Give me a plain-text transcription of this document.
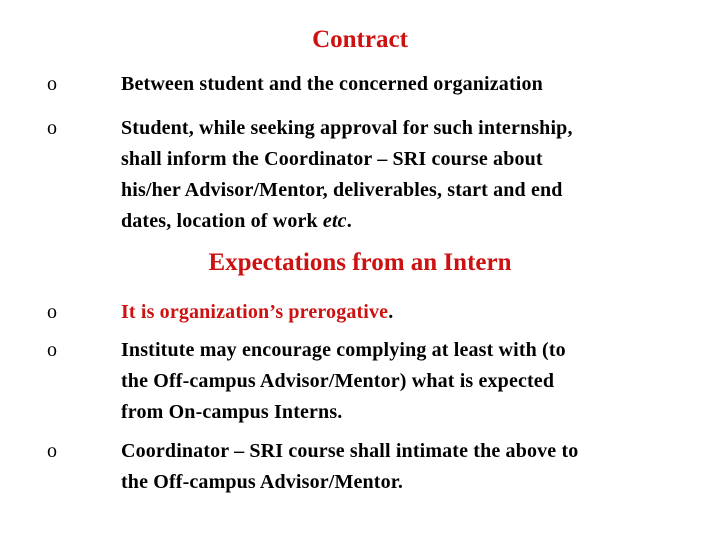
Contract
o	Between student and the concerned organization
o	Student, while seeking approval for such internship,
shall inform the Coordinator – SRI course about
his/her Advisor/Mentor, deliverables, start and end
dates, location of work etc.
Expectations from an Intern
o	It is organization’s prerogative.
o	Institute may encourage complying at least with (to
the Off-campus Advisor/Mentor) what is expected
from On-campus Interns.
o	Coordinator – SRI course shall intimate the above to
the Off-campus Advisor/Mentor.
